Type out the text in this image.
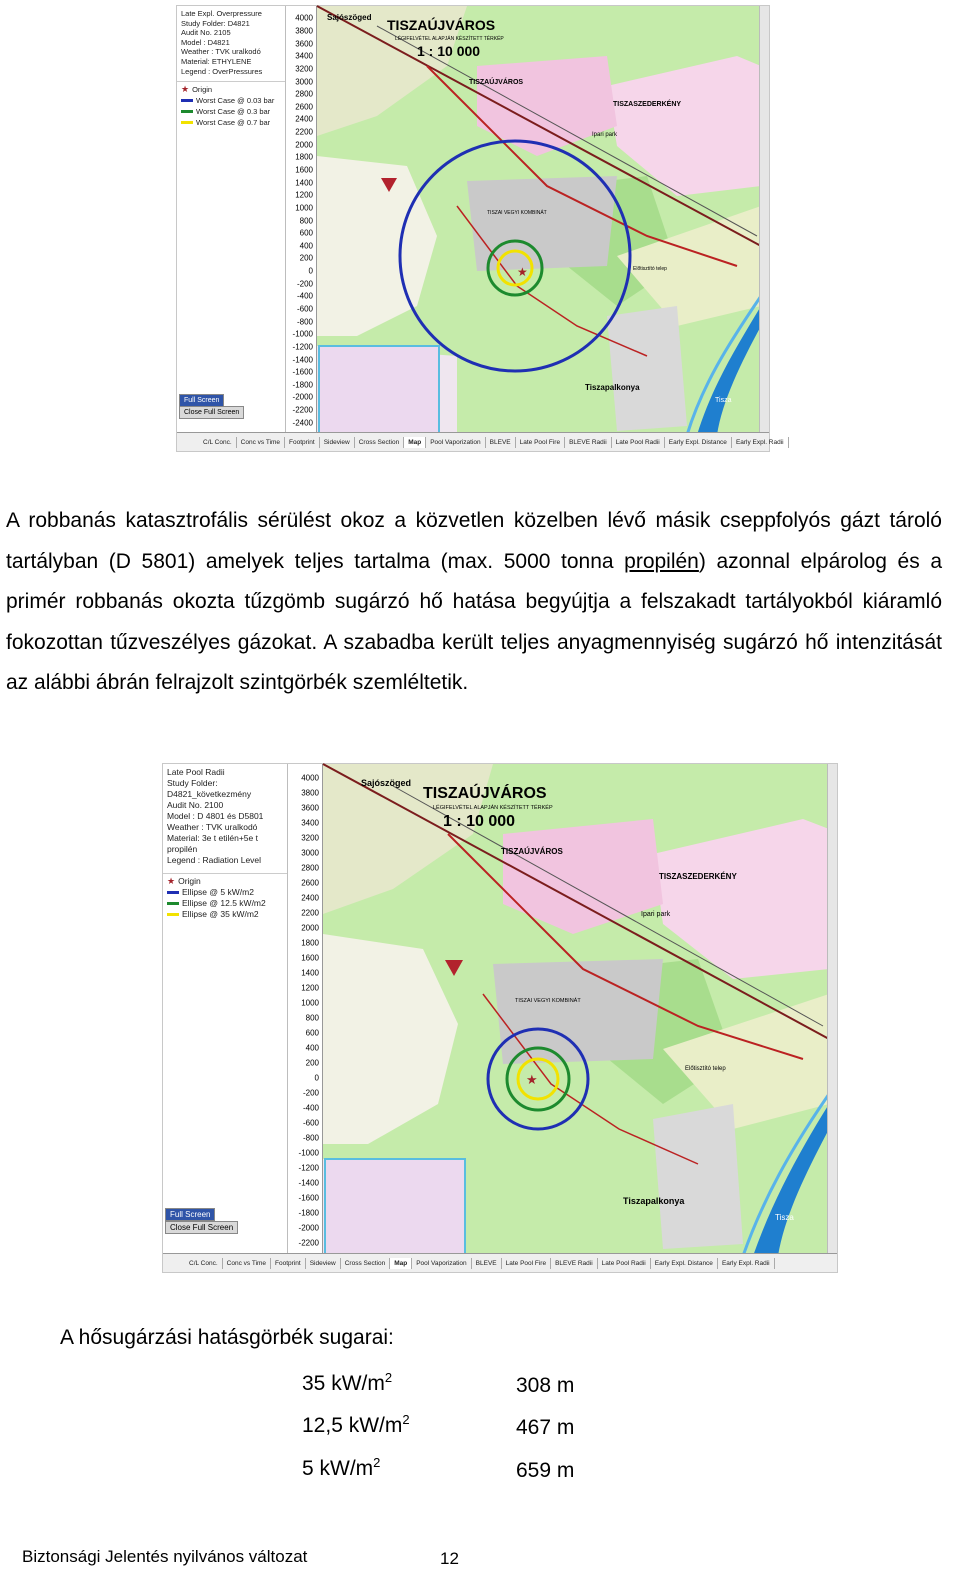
Late Expl. Overpressure
Study Folder: D4821
Audit No. 2105
Model : D4821
Weather : TVK uralkodó
Material: ETHYLENE
Legend : OverPressures
★ Origin
Worst Case @ 0.03 bar
Worst Case @ 0.3 bar
Worst Case @ 0.7 bar
Full Screen
Close Full Screen
4000
3800
3600
3400
3200
3000
2800
2600
2400
2200
2000
1800
1600
1400
1200
1000
800
600
400
200
0
-200
-400
-600
-800
-1000
-1200
-1400
-1600
-1800
-2000
-2200
-2400
★
Sajószöged TISZAÚJVÁROS
LÉGIFELVÉTEL ALAPJÁN KÉSZÍTETT TÉRKÉP
1 : 10 000
TISZAÚJVÁROS
TISZASZEDERKÉNY
Ipari park
TISZAI VEGYI KOMBINÁT
Előtisztító telep
Tiszapalkonya
Tisza
C/L Conc.	Conc vs Time	Footprint	Sideview	Cross Section	Map	Pool Vaporization	BLEVE	Late Pool Fire	BLEVE Radii	Late Pool Radii	Early Expl. Distance	Early Expl. Radii
A robbanás katasztrofális sérülést okoz a közvetlen közelben lévő másik cseppfolyós gázt tároló tartályban (D 5801) amelyek teljes tartalma (max. 5000 tonna propilén) azonnal elpárolog és a primér robbanás okozta tűzgömb sugárzó hő hatása begyújtja a felszakadt tartályokból kiáramló fokozottan tűzveszélyes gázokat. A szabadba került teljes anyagmennyiség sugárzó hő intenzitását az alábbi ábrán felrajzolt szintgörbék szemléltetik.
Late Pool Radii
Study Folder:
D4821_következmény
Audit No. 2100
Model : D 4801 és D5801
Weather : TVK uralkodó
Material: 3e t etilén+5e t
propilén
Legend : Radiation Level
★ Origin
Ellipse @ 5 kW/m2
Ellipse @ 12.5 kW/m2
Ellipse @ 35 kW/m2
Full Screen
Close Full Screen
4000
3800
3600
3400
3200
3000
2800
2600
2400
2200
2000
1800
1600
1400
1200
1000
800
600
400
200
0
-200
-400
-600
-800
-1000
-1200
-1400
-1600
-1800
-2000
-2200
★
Sajószöged
TISZAÚJVÁROS
LÉGIFELVÉTEL ALAPJÁN KÉSZÍTETT TÉRKÉP
1 : 10 000
TISZAÚJVÁROS
TISZASZEDERKÉNY
Ipari park
TISZAI VEGYI KOMBINÁT
Előtisztító telep
Tiszapalkonya
Tisza
C/L Conc.	Conc vs Time	Footprint	Sideview	Cross Section	Map	Pool Vaporization	BLEVE	Late Pool Fire	BLEVE Radii	Late Pool Radii	Early Expl. Distance	Early Expl. Radii
A hősugárzási hatásgörbék sugarai:
35 $kW/m^2$	308 m
12,5 $kW/m^2$	467 m
5 $kW/m^2$	659 m
Biztonsági Jelentés nyilvános változat	12
